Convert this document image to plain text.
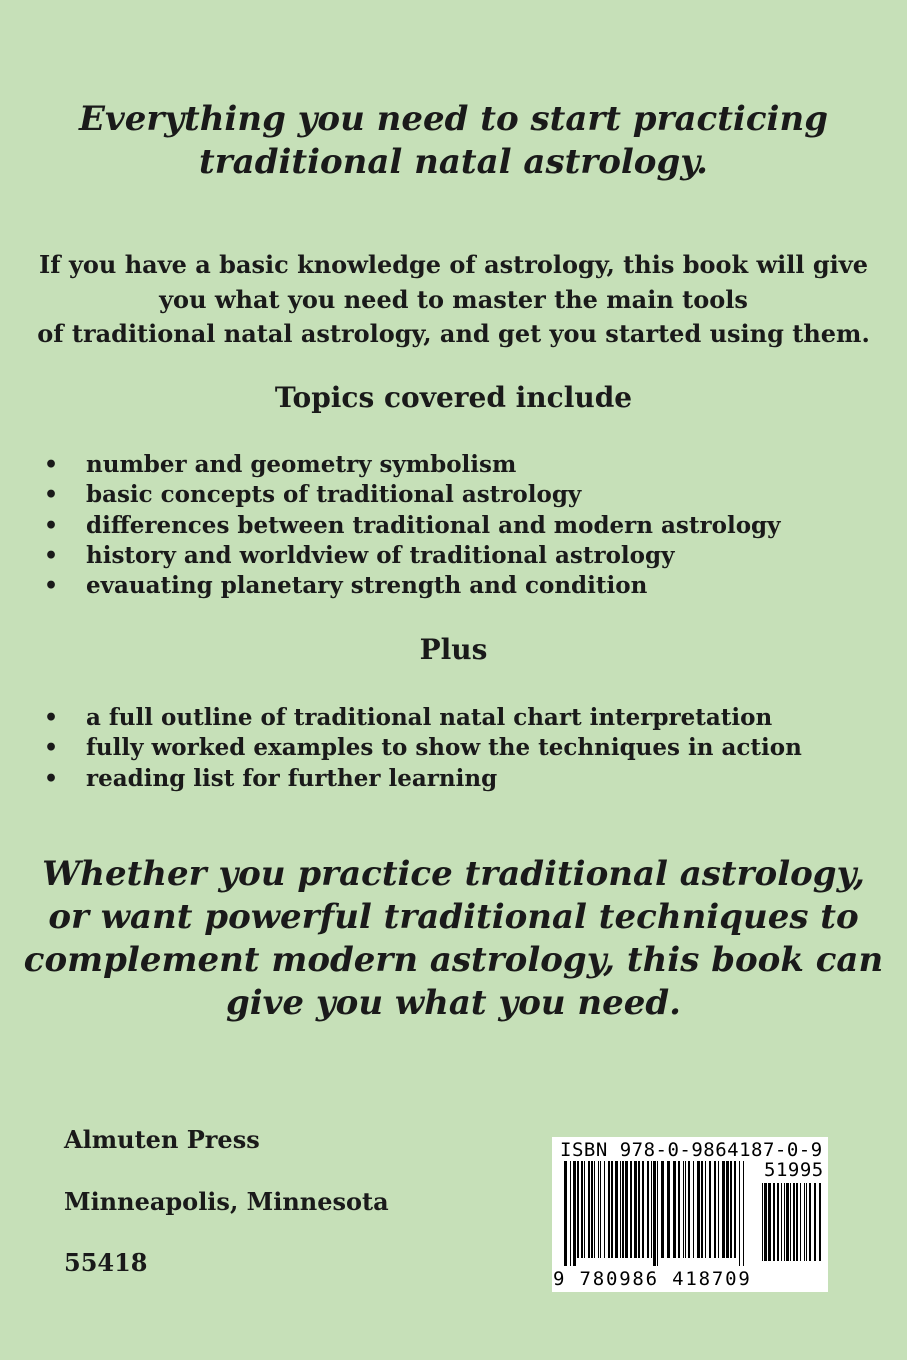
Everything you need to start practicing
traditional natal astrology.
If you have a basic knowledge of astrology, this book will give
you what you need to master the main tools
of traditional natal astrology, and get you started using them.
Topics covered include
• number and geometry symbolism
• basic concepts of traditional astrology
• differences between traditional and modern astrology
• history and worldview of traditional astrology
• evauating planetary strength and condition
Plus
• a full outline of traditional natal chart interpretation
• fully worked examples to show the techniques in action
• reading list for further learning
Whether you practice traditional astrology,
or want powerful traditional techniques to
complement modern astrology, this book can
give you what you need.
Almuten Press
Minneapolis, Minnesota
55418
ISBN 978-0-9864187-0-9
51995
9 780986 418709
